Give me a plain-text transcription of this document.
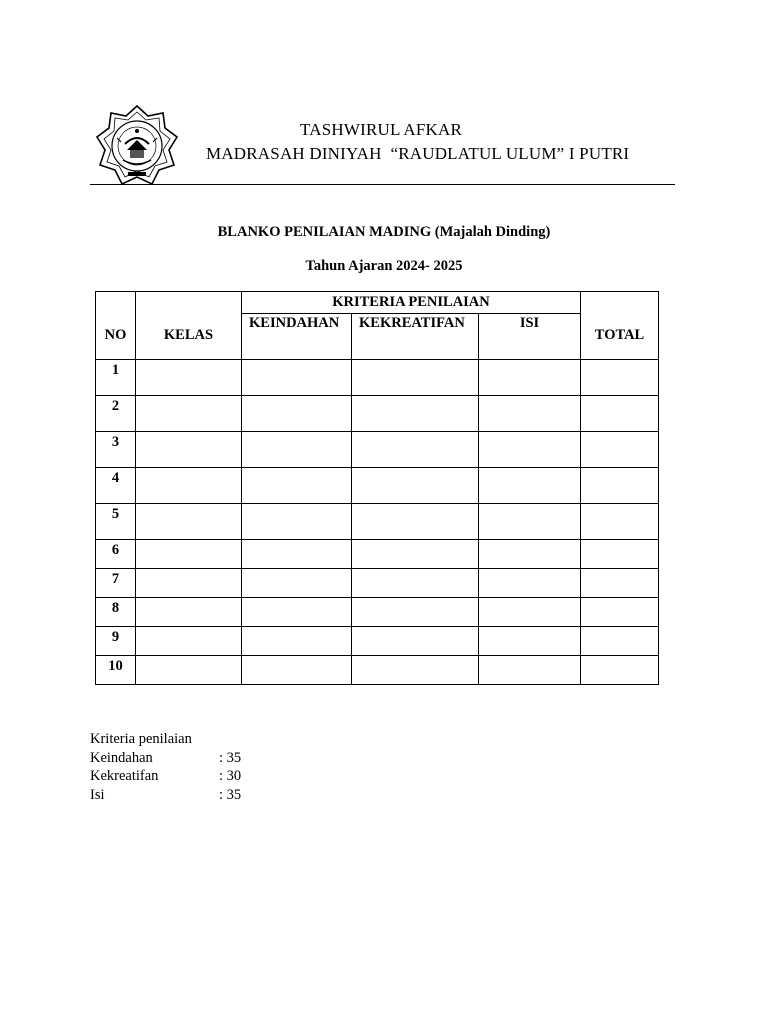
TASHWIRUL AFKAR
MADRASAH DINIYAH  “RAUDLATUL ULUM” I PUTRI
BLANKO PENILAIAN MADING (Majalah Dinding)
Tahun Ajaran 2024- 2025
NO	KELAS	KRITERIA PENILAIAN			TOTAL
		KEINDAHAN	KEKREATIFAN	ISI	
1					
2					
3					
4					
5					
6					
7					
8					
9					
10					
Kriteria penilaian
Keindahan	: 35
Kekreatifan	: 30
Isi	: 35
